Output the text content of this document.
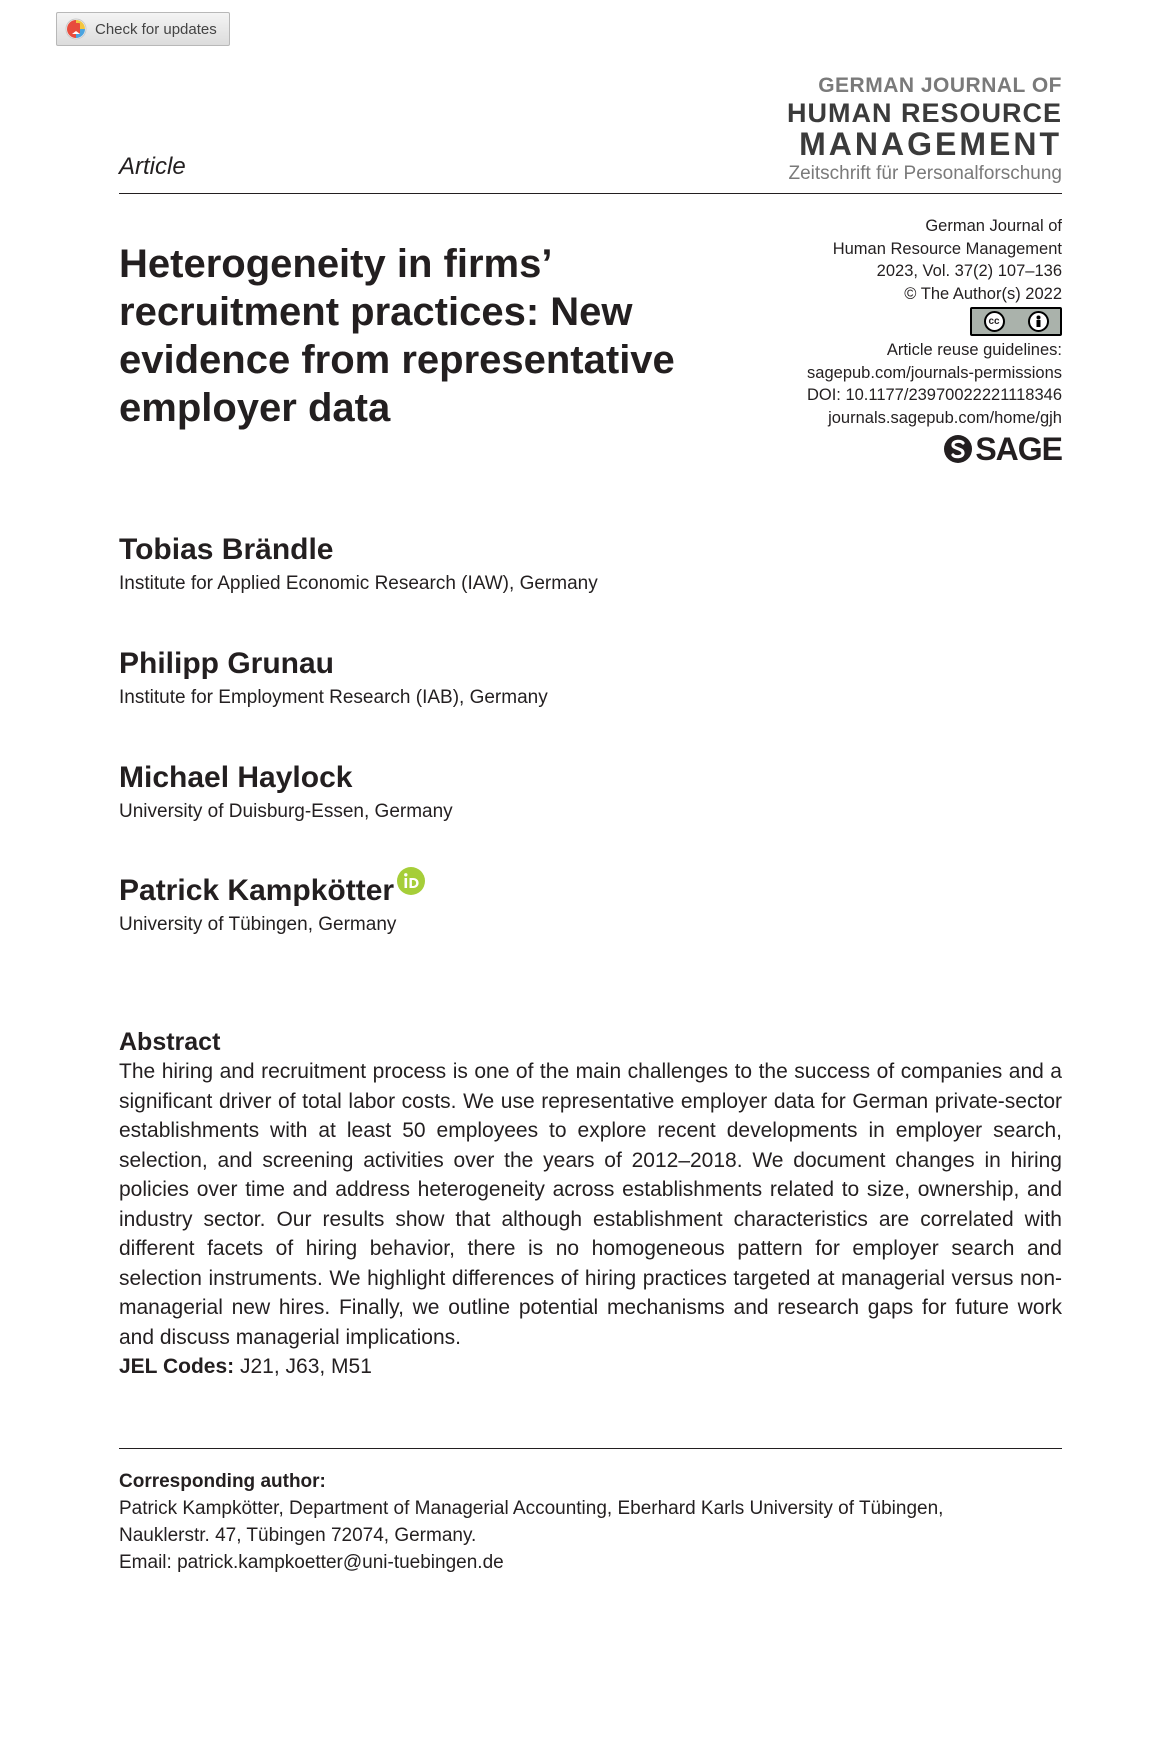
Check for updates
GERMAN JOURNAL OF
HUMAN RESOURCE
MANAGEMENT
Zeitschrift für Personalforschung
Article
Heterogeneity in firms’ recruitment practices: New evidence from representative employer data
German Journal of
Human Resource Management
2023, Vol. 37(2) 107–136
© The Author(s) 2022
cc
Article reuse guidelines:
sagepub.com/journals-permissions
DOI: 10.1177/23970022221118346
journals.sagepub.com/home/gjh
SAGE
Tobias Brändle
Institute for Applied Economic Research (IAW), Germany
Philipp Grunau
Institute for Employment Research (IAB), Germany
Michael Haylock
University of Duisburg-Essen, Germany
Patrick Kampkötter
University of Tübingen, Germany
Abstract

The hiring and recruitment process is one of the main challenges to the success of companies and a significant driver of total labor costs. We use representative employer data for German private-sector establishments with at least 50 employees to explore recent developments in employer search, selection, and screening activities over the years of 2012–2018. We document changes in hiring policies over time and address heterogeneity across establishments related to size, ownership, and industry sector. Our results show that although establishment characteristics are correlated with different facets of hiring behavior, there is no homogeneous pattern for employer search and selection instruments. We highlight differences of hiring practices targeted at managerial versus non-managerial new hires. Finally, we outline potential mechanisms and research gaps for future work and discuss managerial implications.

JEL Codes: J21, J63, M51
Corresponding author:
Patrick Kampkötter, Department of Managerial Accounting, Eberhard Karls University of Tübingen,
Nauklerstr. 47, Tübingen 72074, Germany.
Email: patrick.kampkoetter@uni-tuebingen.de
